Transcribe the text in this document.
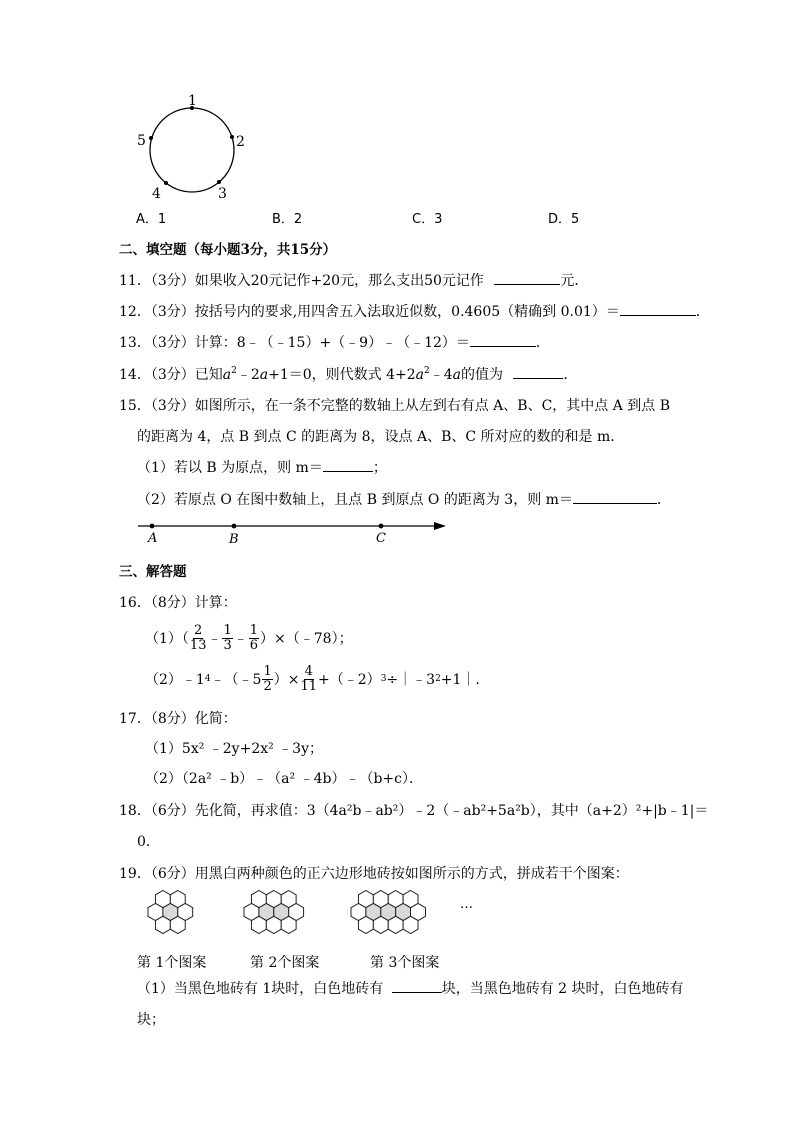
1
2
3
4
5
A．1	B．2	C．3	D．5
二、填空题（每小题3分，共15分）
11．（3分）如果收入20元记作+20元，那么支出50元记作	元．
12．（3分）按括号内的要求,用四舍五入法取近似数，0.4605（精确到 0.01）＝	．
13．（3分）计算：8﹣（﹣15）+（﹣9）﹣（﹣12）＝	．
14．（3分）已知$a^2﹣2a+1=0$，则代数式 $4+2a^2﹣4a$的值为	．
15．（3分）如图所示，在一条不完整的数轴上从左到右有点 A、B、C，其中点 A 到点 B
的距离为 4，点 B 到点 C 的距离为 8，设点 A、B、C 所对应的数的和是 m．
（1）若以 B 为原点，则 m＝	；
（2）若原点 O 在图中数轴上，且点 B 到原点 O 的距离为 3，则 m＝	．
A	B	C
三、解答题
16．（8分）计算：
$(1)( \frac{2}{13}$ ﹣ $\frac{1}{3}$ ﹣ $\frac{1}{6}$ ）×（﹣78）；
（2）﹣1 4 ﹣（﹣5 $\frac{1}{2}$ ）× $\frac{4}{11}$ +（﹣2） 3 ÷｜﹣3 2 +1｜.
17．（8分）化简：
（1）5x² ﹣2y+2x² ﹣3y；
（2）（2a² ﹣b）﹣（a² ﹣4b）﹣（b+c）．
18．（6分）先化简，再求值：3（4a²b﹣ab²）﹣2（﹣ab²+5a²b），其中（a+2）²+|b﹣1|＝
0．
19．（6分）用黑白两种颜色的正六边形地砖按如图所示的方式，拼成若干个图案：
…
第 1个图案	第 2个图案	第 3个图案
（1）当黑色地砖有 1块时，白色地砖有	块，当黑色地砖有 2 块时，白色地砖有
块；
